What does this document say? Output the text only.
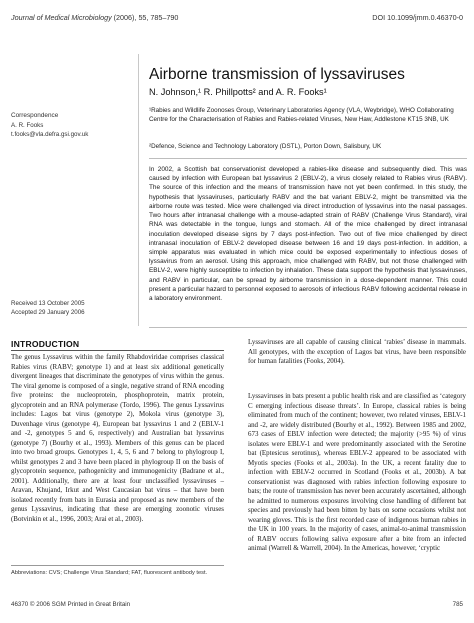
Journal of Medical Microbiology (2006), 55, 785–790	DOI 10.1099/jmm.0.46370-0
Correspondence
A. R. Fooks
t.fooks@vla.defra.gsi.gov.uk
Airborne transmission of lyssaviruses
N. Johnson,¹ R. Phillpotts² and A. R. Fooks¹
¹Rabies and Wildlife Zoonoses Group, Veterinary Laboratories Agency (VLA, Weybridge), WHO Collaborating Centre for the Characterisation of Rabies and Rabies-related Viruses, New Haw, Addlestone KT15 3NB, UK
²Defence, Science and Technology Laboratory (DSTL), Porton Down, Salisbury, UK
In 2002, a Scottish bat conservationist developed a rabies-like disease and subsequently died. This was caused by infection with European bat lyssavirus 2 (EBLV-2), a virus closely related to Rabies virus (RABV). The source of this infection and the means of transmission have not yet been confirmed. In this study, the hypothesis that lyssaviruses, particularly RABV and the bat variant EBLV-2, might be transmitted via the airborne route was tested. Mice were challenged via direct introduction of lyssavirus into the nasal passages. Two hours after intranasal challenge with a mouse-adapted strain of RABV (Challenge Virus Standard), viral RNA was detectable in the tongue, lungs and stomach. All of the mice challenged by direct intranasal inoculation developed disease signs by 7 days post-infection. Two out of five mice challenged by direct intranasal inoculation of EBLV-2 developed disease between 16 and 19 days post-infection. In addition, a simple apparatus was evaluated in which mice could be exposed experimentally to infectious doses of lyssavirus from an aerosol. Using this approach, mice challenged with RABV, but not those challenged with EBLV-2, were highly susceptible to infection by inhalation. These data support the hypothesis that lyssaviruses, and RABV in particular, can be spread by airborne transmission in a dose-dependent manner. This could present a particular hazard to personnel exposed to aerosols of infectious RABV following accidental release in a laboratory environment.
Received 13 October 2005
Accepted 29 January 2006
INTRODUCTION
The genus Lyssavirus within the family Rhabdoviridae comprises classical Rabies virus (RABV; genotype 1) and at least six additional genetically divergent lineages that discriminate the genotypes of virus within the genus. The viral genome is composed of a single, negative strand of RNA encoding five proteins: the nucleoprotein, phosphoprotein, matrix protein, glycoprotein and an RNA polymerase (Tordo, 1996). The genus Lyssavirus includes: Lagos bat virus (genotype 2), Mokola virus (genotype 3), Duvenhage virus (genotype 4), European bat lyssavirus 1 and 2 (EBLV-1 and -2, genotypes 5 and 6, respectively) and Australian bat lyssavirus (genotype 7) (Bourhy et al., 1993). Members of this genus can be placed into two broad groups. Genotypes 1, 4, 5, 6 and 7 belong to phylogroup I, whilst genotypes 2 and 3 have been placed in phylogroup II on the basis of glycoprotein sequence, pathogenicity and immunogenicity (Badrane et al., 2001). Additionally, there are at least four unclassified lyssaviruses – Aravan, Khujand, Irkut and West Caucasian bat virus – that have been isolated recently from bats in Eurasia and proposed as new members of the genus Lyssavirus, indicating that these are emerging zoonotic viruses (Botvinkin et al., 1996, 2003; Arai et al., 2003).
Lyssaviruses are all capable of causing clinical ‘rabies’ disease in mammals. All genotypes, with the exception of Lagos bat virus, have been responsible for human fatalities (Fooks, 2004).
Lyssaviruses in bats present a public health risk and are classified as ‘category C emerging infectious disease threats’. In Europe, classical rabies is being eliminated from much of the continent; however, two related viruses, EBLV-1 and -2, are widely distributed (Bourhy et al., 1992). Between 1985 and 2002, 673 cases of EBLV infection were detected; the majority (>95 %) of virus isolates were EBLV-1 and were predominantly associated with the Serotine bat (Eptesicus serotinus), whereas EBLV-2 appeared to be associated with Myotis species (Fooks et al., 2003a). In the UK, a recent fatality due to infection with EBLV-2 occurred in Scotland (Fooks et al., 2003b). A bat conservationist was diagnosed with rabies infection following exposure to bats; the route of transmission has never been accurately ascertained, although he admitted to numerous exposures involving close handling of different bat species and previously had been bitten by bats on some occasions whilst not wearing gloves. This is the first recorded case of indigenous human rabies in the UK in 100 years. In the majority of cases, animal-to-animal transmission of RABV occurs following saliva exposure after a bite from an infected animal (Warrell & Warrell, 2004). In the Americas, however, ‘cryptic
Abbreviations: CVS; Challenge Virus Standard; FAT, fluorescent antibody test.
46370 © 2006 SGM Printed in Great Britain	785
